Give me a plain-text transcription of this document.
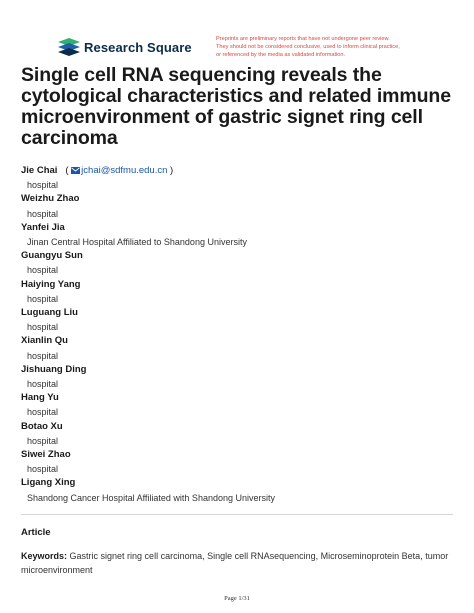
Research Square
Preprints are preliminary reports that have not undergone peer review.
They should not be considered conclusive, used to inform clinical practice,
or referenced by the media as validated information.
Single cell RNA sequencing reveals the cytological characteristics and related immune microenvironment of gastric signet ring cell carcinoma
Jie Chai ( jchai@sdfmu.edu.cn )
hospital
Weizhu Zhao
hospital
Yanfei Jia
Jinan Central Hospital Affiliated to Shandong University
Guangyu Sun
hospital
Haiying Yang
hospital
Luguang Liu
hospital
Xianlin Qu
hospital
Jishuang Ding
hospital
Hang Yu
hospital
Botao Xu
hospital
Siwei Zhao
hospital
Ligang Xing
Shandong Cancer Hospital Affiliated with Shandong University
Article
Keywords: Gastric signet ring cell carcinoma, Single cell RNAsequencing, Microseminoprotein Beta, tumor microenvironment
Page 1/31
